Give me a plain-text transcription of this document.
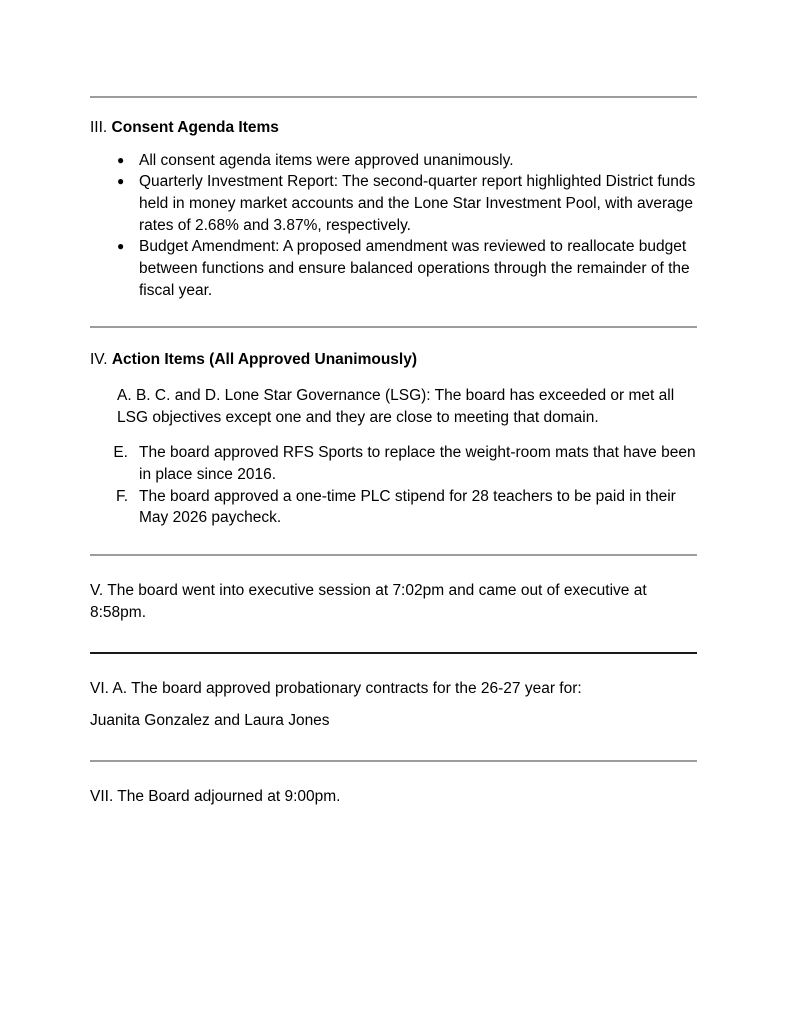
III. Consent Agenda Items
● All consent agenda items were approved unanimously.
● Quarterly Investment Report: The second-quarter report highlighted District funds held in money market accounts and the Lone Star Investment Pool, with average rates of 2.68% and 3.87%, respectively.
● Budget Amendment: A proposed amendment was reviewed to reallocate budget between functions and ensure balanced operations through the remainder of the fiscal year.
IV. Action Items (All Approved Unanimously)

A. B. C. and D. Lone Star Governance (LSG): The board has exceeded or met all LSG objectives except one and they are close to meeting that domain.

E. The board approved RFS Sports to replace the weight-room mats that have been in place since 2016.
F. The board approved a one-time PLC stipend for 28 teachers to be paid in their May 2026 paycheck.

V. The board went into executive session at 7:02pm and came out of executive at 8:58pm.

VI. A. The board approved probationary contracts for the 26-27 year for:

Juanita Gonzalez and Laura Jones

VII. The Board adjourned at 9:00pm.
